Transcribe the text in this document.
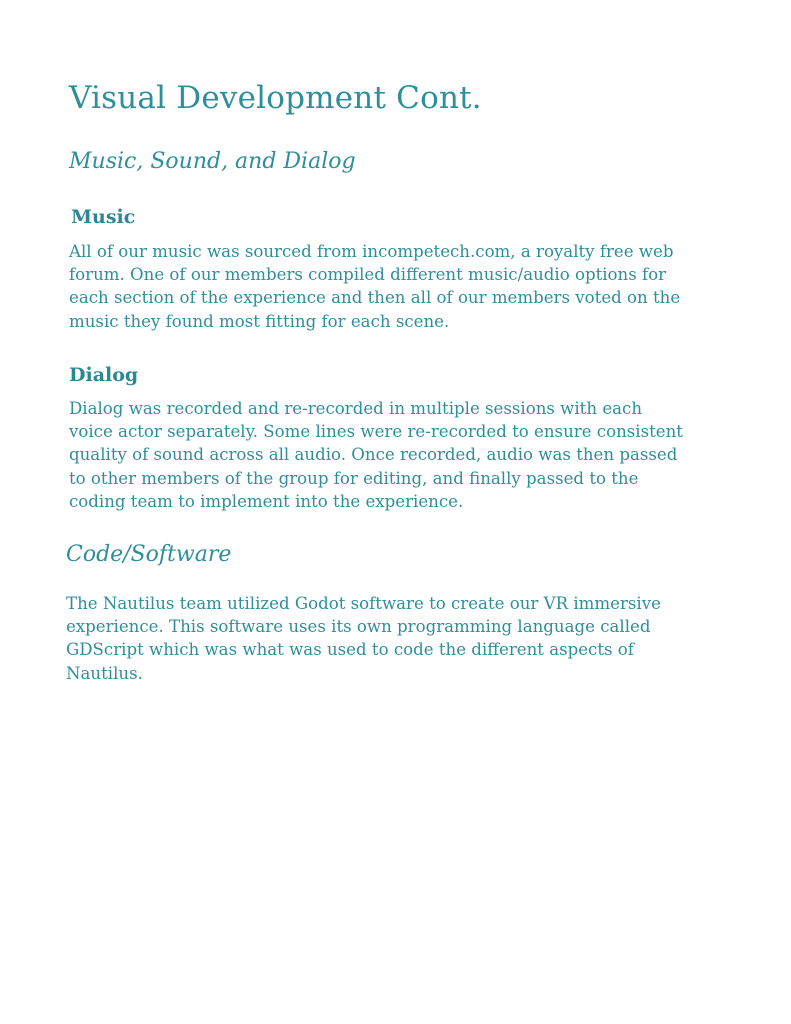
Visual Development Cont.
Music, Sound, and Dialog
Music

All of our music was sourced from incompetech.com, a royalty free web
forum. One of our members compiled different music/audio options for
each section of the experience and then all of our members voted on the
music they found most fitting for each scene.

Dialog

Dialog was recorded and re-recorded in multiple sessions with each
voice actor separately. Some lines were re-recorded to ensure consistent
quality of sound across all audio. Once recorded, audio was then passed
to other members of the group for editing, and finally passed to the
coding team to implement into the experience.

Code/Software

The Nautilus team utilized Godot software to create our VR immersive
experience. This software uses its own programming language called
GDScript which was what was used to code the different aspects of
Nautilus.
